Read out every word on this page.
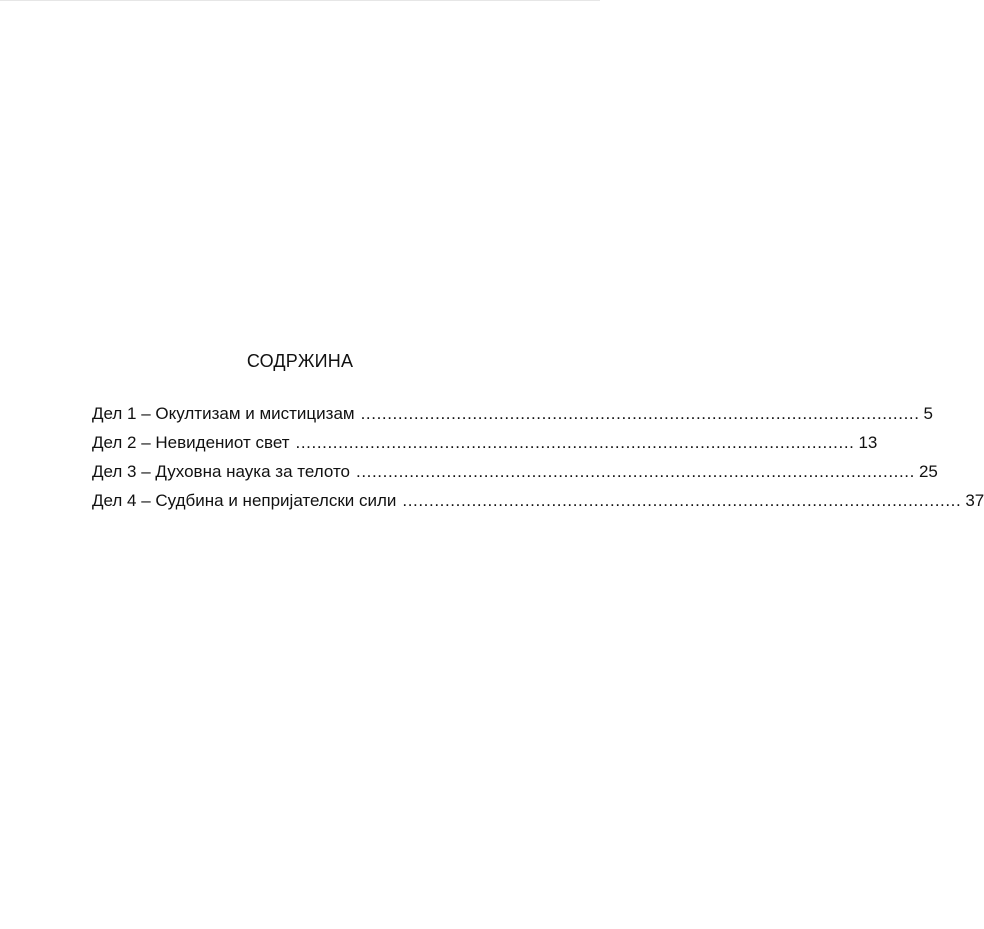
СОДРЖИНА
Дел 1 – Окултизам и мистицизам ......................................................................................................... 5
Дел 2 – Невидениот свет ......................................................................................................... 13
Дел 3 – Духовна наука за телото ......................................................................................................... 25
Дел 4 – Судбина и непријателски сили ......................................................................................................... 37
